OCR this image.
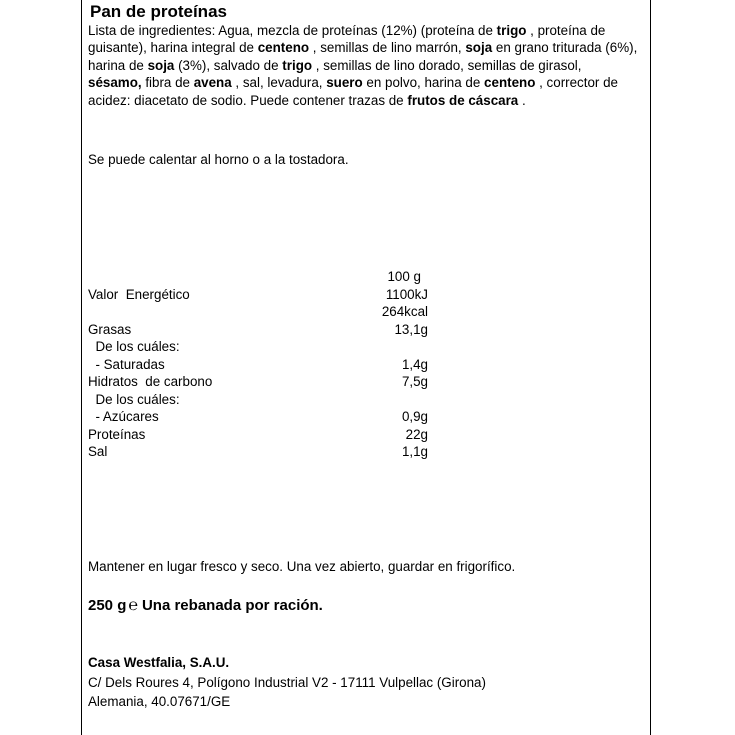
Pan de proteínas
Lista de ingredientes: Agua, mezcla de proteínas (12%) (proteína de trigo , proteína de guisante), harina integral de centeno , semillas de lino marrón, soja en grano triturada (6%), harina de soja (3%), salvado de trigo , semillas de lino dorado, semillas de girasol, sésamo, fibra de avena , sal, levadura, suero en polvo, harina de centeno , corrector de acidez: diacetato de sodio. Puede contener trazas de frutos de cáscara .
Se puede calentar al horno o a la tostadora.
100 g
Valor  Energético	1100kJ
264kcal
Grasas	13,1g
De los cuáles:
- Saturadas	1,4g
Hidratos  de carbono	7,5g
De los cuáles:
- Azúcares	0,9g
Proteínas	22g
Sal	1,1g
Mantener en lugar fresco y seco. Una vez abierto, guardar en frigorífico.
250 g ℮ Una rebanada por ración.
Casa Westfalia, S.A.U.
C/ Dels Roures 4, Polígono Industrial V2 - 17111 Vulpellac (Girona)
Alemania, 40.07671/GE
